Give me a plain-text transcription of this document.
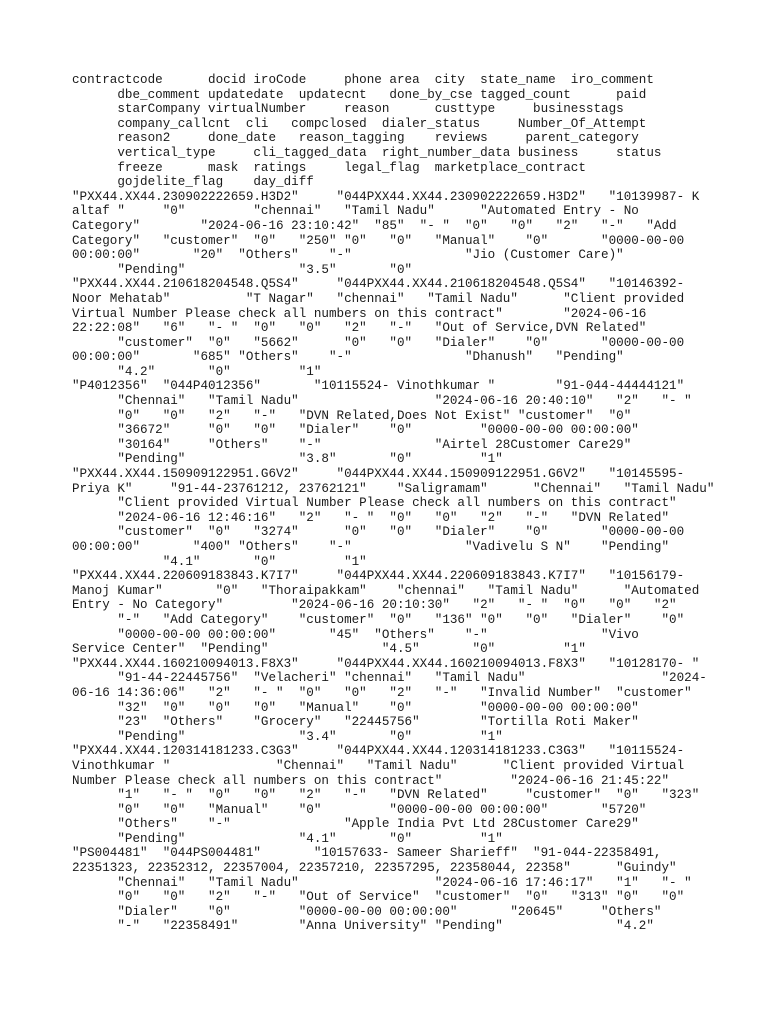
contractcode      docid iroCode     phone area  city  state_name  iro_comment
dbe_comment updatedate  updatecnt   done_by_cse tagged_count      paid
starCompany virtualNumber     reason      custtype     businesstags
company_callcnt  cli   compclosed  dialer_status     Number_Of_Attempt
reason2     done_date   reason_tagging    reviews     parent_category
vertical_type     cli_tagged_data  right_number_data business     status
freeze      mask  ratings     legal_flag  marketplace_contract
gojdelite_flag    day_diff
"PXX44.XX44.230902222659.H3D2"     "044PXX44.XX44.230902222659.H3D2"   "10139987- K
altaf "     "0"         "chennai"   "Tamil Nadu"      "Automated Entry - No
Category"        "2024-06-16 23:10:42"  "85"  "- "  "0"   "0"   "2"   "-"   "Add
Category"   "customer"  "0"   "250" "0"   "0"   "Manual"    "0"       "0000-00-00
00:00:00"       "20"  "Others"    "-"               "Jio (Customer Care)"
"Pending"               "3.5"       "0"
"PXX44.XX44.210618204548.Q5S4"     "044PXX44.XX44.210618204548.Q5S4"   "10146392-
Noor Mehatab"          "T Nagar"   "chennai"   "Tamil Nadu"      "Client provided
Virtual Number Please check all numbers on this contract"        "2024-06-16
22:22:08"   "6"   "- "  "0"   "0"   "2"   "-"   "Out of Service,DVN Related"
"customer"  "0"   "5662"      "0"   "0"   "Dialer"    "0"       "0000-00-00
00:00:00"       "685" "Others"    "-"               "Dhanush"   "Pending"
"4.2"       "0"         "1"
"P4012356"  "044P4012356"       "10115524- Vinothkumar "        "91-044-44444121"
"Chennai"   "Tamil Nadu"                  "2024-06-16 20:40:10"   "2"   "- "
"0"   "0"   "2"   "-"   "DVN Related,Does Not Exist" "customer"  "0"
"36672"     "0"   "0"   "Dialer"    "0"         "0000-00-00 00:00:00"
"30164"     "Others"    "-"               "Airtel 28Customer Care29"
"Pending"               "3.8"       "0"         "1"
"PXX44.XX44.150909122951.G6V2"     "044PXX44.XX44.150909122951.G6V2"   "10145595-
Priya K"     "91-44-23761212, 23762121"    "Saligramam"      "Chennai"   "Tamil Nadu"
"Client provided Virtual Number Please check all numbers on this contract"
"2024-06-16 12:46:16"   "2"   "- "  "0"   "0"   "2"   "-"   "DVN Related"
"customer"  "0"   "3274"      "0"   "0"   "Dialer"    "0"       "0000-00-00
00:00:00"       "400" "Others"    "-"               "Vadivelu S N"    "Pending"
"4.1"       "0"         "1"
"PXX44.XX44.220609183843.K7I7"     "044PXX44.XX44.220609183843.K7I7"   "10156179-
Manoj Kumar"       "0"   "Thoraipakkam"    "chennai"   "Tamil Nadu"      "Automated
Entry - No Category"         "2024-06-16 20:10:30"   "2"   "- "  "0"   "0"   "2"
"-"   "Add Category"    "customer"  "0"   "136" "0"   "0"   "Dialer"    "0"
"0000-00-00 00:00:00"       "45"  "Others"    "-"               "Vivo
Service Center"  "Pending"               "4.5"       "0"         "1"
"PXX44.XX44.160210094013.F8X3"     "044PXX44.XX44.160210094013.F8X3"   "10128170- "
"91-44-22445756"  "Velacheri" "chennai"   "Tamil Nadu"                  "2024-
06-16 14:36:06"   "2"   "- "  "0"   "0"   "2"   "-"   "Invalid Number"  "customer"
"32"  "0"   "0"   "0"   "Manual"    "0"         "0000-00-00 00:00:00"
"23"  "Others"    "Grocery"   "22445756"        "Tortilla Roti Maker"
"Pending"               "3.4"       "0"         "1"
"PXX44.XX44.120314181233.C3G3"     "044PXX44.XX44.120314181233.C3G3"   "10115524-
Vinothkumar "              "Chennai"   "Tamil Nadu"      "Client provided Virtual
Number Please check all numbers on this contract"         "2024-06-16 21:45:22"
"1"   "- "  "0"   "0"   "2"   "-"   "DVN Related"     "customer"  "0"   "323"
"0"   "0"   "Manual"    "0"         "0000-00-00 00:00:00"       "5720"
"Others"    "-"               "Apple India Pvt Ltd 28Customer Care29"
"Pending"               "4.1"       "0"         "1"
"PS004481"  "044PS004481"       "10157633- Sameer Sharieff"  "91-044-22358491,
22351323, 22352312, 22357004, 22357210, 22357295, 22358044, 22358"      "Guindy"
"Chennai"   "Tamil Nadu"                  "2024-06-16 17:46:17"   "1"   "- "
"0"   "0"   "2"   "-"   "Out of Service"  "customer"  "0"   "313" "0"   "0"
"Dialer"    "0"         "0000-00-00 00:00:00"       "20645"     "Others"
"-"   "22358491"        "Anna University" "Pending"               "4.2"
